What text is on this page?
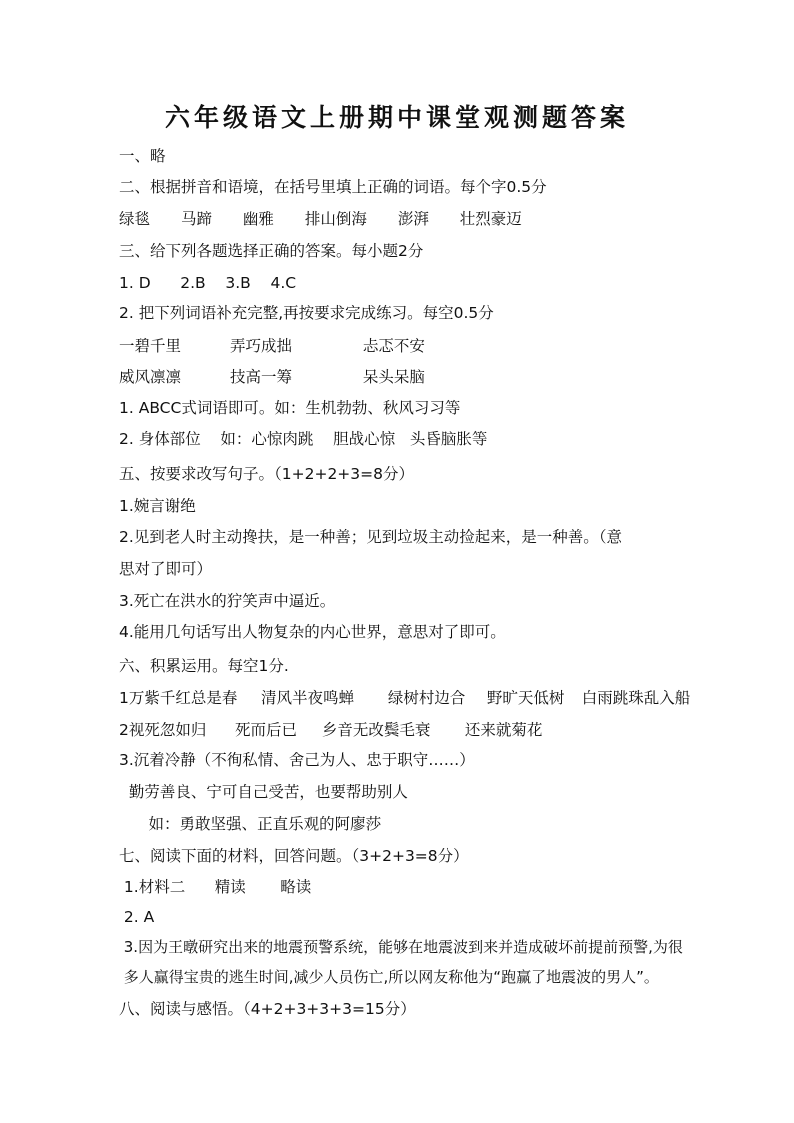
六年级语文上册期中课堂观测题答案
一、略
二、根据拼音和语境，在括号里填上正确的词语。每个字0.5分
绿毯 马蹄 幽雅 排山倒海 澎湃 壮烈豪迈
三、给下列各题选择正确的答案。每小题2分
1. D      2.B    3.B    4.C
2. 把下列词语补充完整,再按要求完成练习。每空0.5分
一碧千里	弄巧成拙	忐忑不安
威风凛凛	技高一筹	呆头呆脑
1. ABCC式词语即可。如：生机勃勃、秋风习习等
2. 身体部位    如：心惊肉跳    胆战心惊   头昏脑胀等
五、按要求改写句子。（1+2+2+3=8分）
1.婉言谢绝
2.见到老人时主动搀扶，是一种善；见到垃圾主动捡起来，是一种善。（意
思对了即可）
3.死亡在洪水的狞笑声中逼近。
4.能用几句话写出人物复杂的内心世界，意思对了即可。
六、积累运用。每空1分.
1万紫千红总是春 清风半夜鸣蝉 绿树村边合 野旷天低树 白雨跳珠乱入船
2视死忽如归 死而后已 乡音无改鬓毛衰 还来就菊花
3.沉着冷静（不徇私情、舍己为人、忠于职守……）
勤劳善良、宁可自己受苦，也要帮助别人
如：勇敢坚强、正直乐观的阿廖莎
七、阅读下面的材料，回答问题。（3+2+3=8分）
1.材料二      精读       略读
2. A
3.因为王暾研究出来的地震预警系统，能够在地震波到来并造成破坏前提前预警,为很
多人赢得宝贵的逃生时间,减少人员伤亡,所以网友称他为“跑赢了地震波的男人”。
八、阅读与感悟。（4+2+3+3+3=15分）
